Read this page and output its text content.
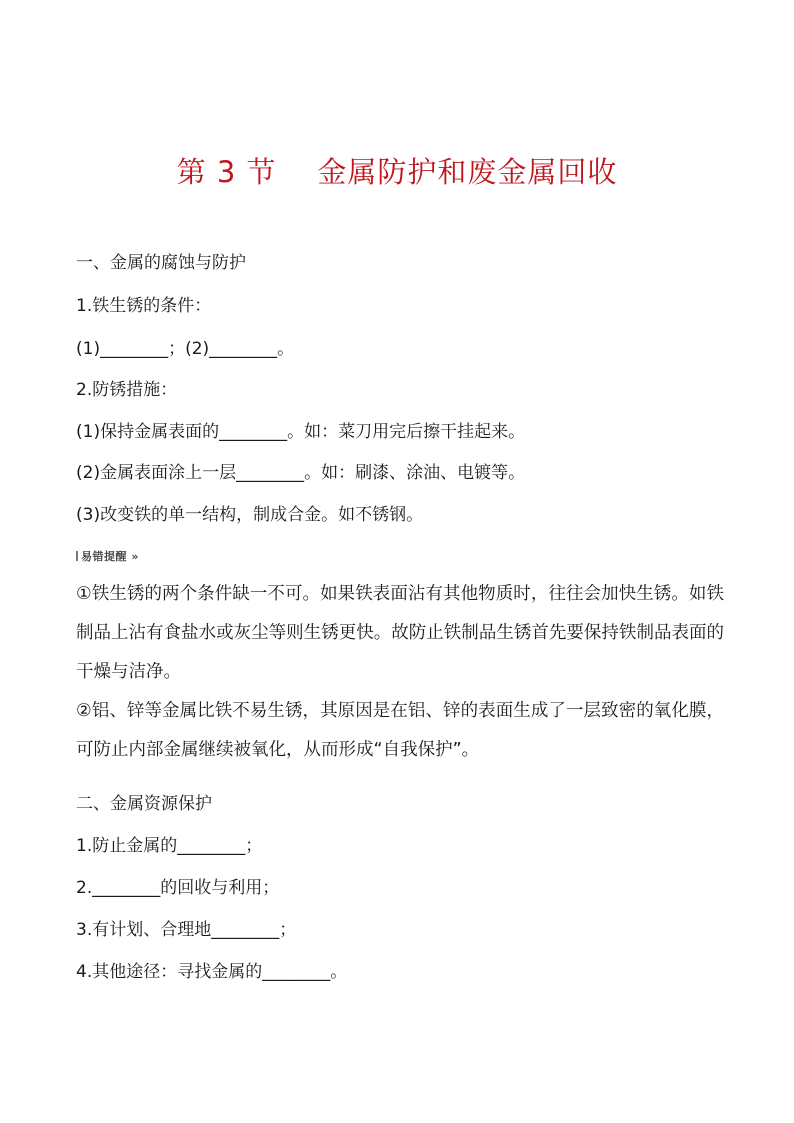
第 3 节    金属防护和废金属回收
一、金属的腐蚀与防护
1.铁生锈的条件：
(1)________；(2)________。
2.防锈措施：
(1)保持金属表面的________。如：菜刀用完后擦干挂起来。
(2)金属表面涂上一层________。如：刷漆、涂油、电镀等。
(3)改变铁的单一结构，制成合金。如不锈钢。
易错提醒 »
①铁生锈的两个条件缺一不可。如果铁表面沾有其他物质时，往往会加快生锈。如铁制品上沾有食盐水或灰尘等则生锈更快。故防止铁制品生锈首先要保持铁制品表面的干燥与洁净。
②铝、锌等金属比铁不易生锈，其原因是在铝、锌的表面生成了一层致密的氧化膜，可防止内部金属继续被氧化，从而形成“自我保护”。
二、金属资源保护
1.防止金属的________；
2.________的回收与利用；
3.有计划、合理地________；
4.其他途径：寻找金属的________。
